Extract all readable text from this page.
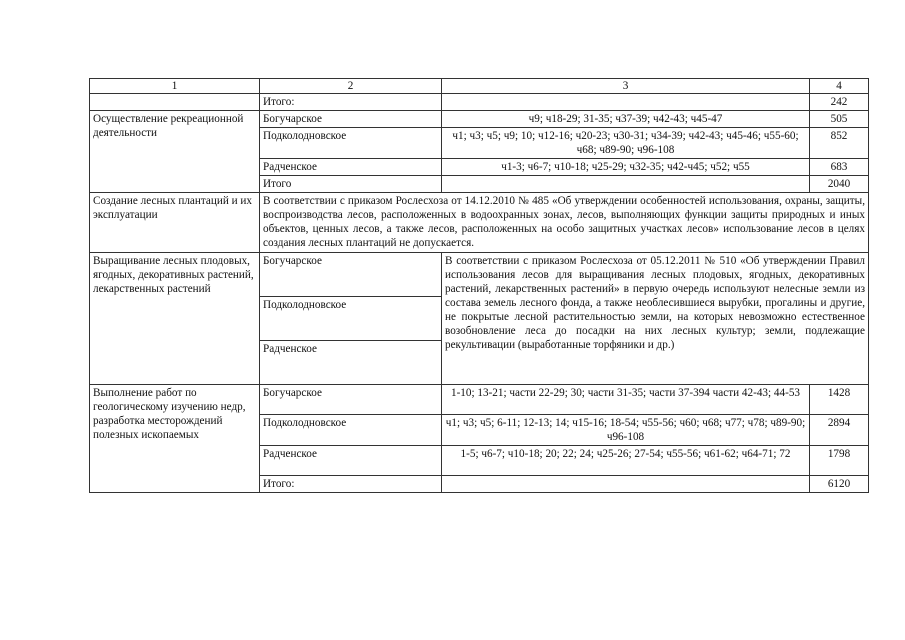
1	2	3	4
	Итого:		242
Осуществление рекреационной деятельности	Богучарское	ч9; ч18-29; 31-35; ч37-39; ч42-43; ч45-47	505
	Подколодновское	ч1; ч3; ч5; ч9; 10; ч12-16; ч20-23; ч30-31; ч34-39; ч42-43; ч45-46; ч55-60; ч68; ч89-90; ч96-108	852
	Радченское	ч1-3; ч6-7; ч10-18; ч25-29; ч32-35; ч42-ч45; ч52; ч55	683
	Итого		2040
Создание лесных плантаций и их эксплуатации	В соответствии с приказом Рослесхоза от 14.12.2010 № 485 «Об утверждении особенностей использования, охраны, защиты, воспроизводства лесов, расположенных в водоохранных зонах, лесов, выполняющих функции защиты природных и иных объектов, ценных лесов, а также лесов, расположенных на особо защитных участках лесов» использование лесов в целях создания лесных плантаций не допускается.		
Выращивание лесных плодовых, ягодных, декоративных растений, лекарственных растений	Богучарское	В соответствии с приказом Рослесхоза от 05.12.2011 № 510 «Об утверждении Правил использования лесов для выращивания лесных плодовых, ягодных, декоративных растений, лекарственных растений» в первую очередь используют нелесные земли из состава земель лесного фонда, а также необлесившиеся вырубки, прогалины и другие, не покрытые лесной растительностью земли, на которых невозможно естественное возобновление леса до посадки на них лесных культур; земли, подлежащие рекультивации (выработанные торфяники и др.)	
	Подколодновское		
	Радченское		
Выполнение работ по геологическому изучению недр, разработка месторождений полезных ископаемых	Богучарское	1-10; 13-21; части 22-29; 30; части 31-35; части 37-394 части 42-43; 44-53	1428
	Подколодновское	ч1; ч3; ч5; 6-11; 12-13; 14; ч15-16; 18-54; ч55-56; ч60; ч68; ч77; ч78; ч89-90; ч96-108	2894
	Радченское	1-5; ч6-7; ч10-18; 20; 22; 24; ч25-26; 27-54; ч55-56; ч61-62; ч64-71; 72	1798
	Итого:		6120
